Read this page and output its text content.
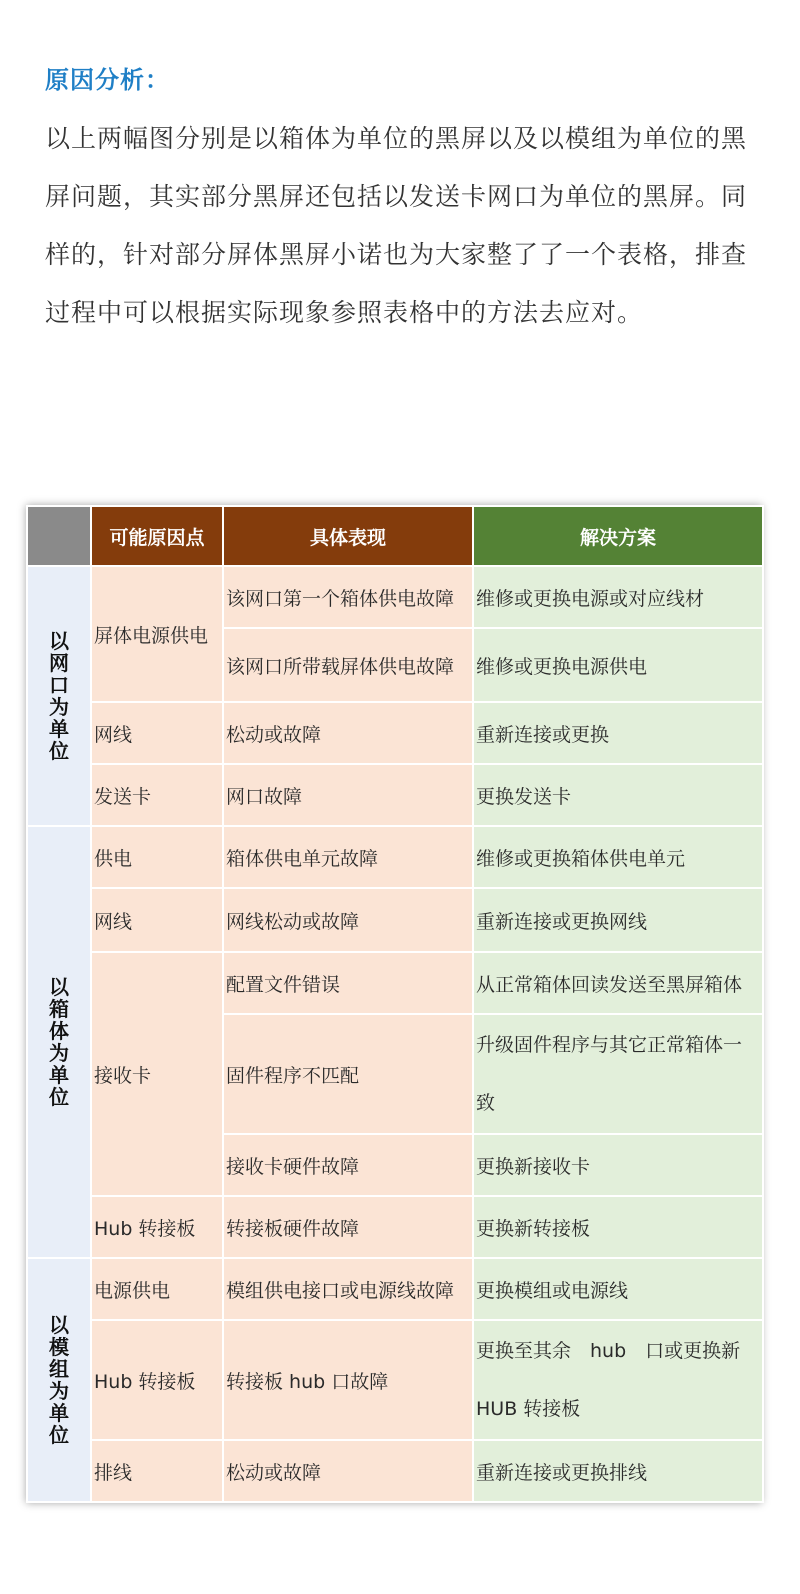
原因分析：
以上两幅图分别是以箱体为单位的黑屏以及以模组为单位的黑屏问题，其实部分黑屏还包括以发送卡网口为单位的黑屏。同样的，针对部分屏体黑屏小诺也为大家整了了一个表格，排查过程中可以根据实际现象参照表格中的方法去应对。
	可能原因点	具体表现	解决方案
以网口为单位	屏体电源供电	该网口第一个箱体供电故障	维修或更换电源或对应线材
		该网口所带载屏体供电故障	维修或更换电源供电
	网线	松动或故障	重新连接或更换
	发送卡	网口故障	更换发送卡
以箱体为单位	供电	箱体供电单元故障	维修或更换箱体供电单元
	网线	网线松动或故障	重新连接或更换网线
	接收卡	配置文件错误	从正常箱体回读发送至黑屏箱体
		固件程序不匹配	升级固件程序与其它正常箱体一致
		接收卡硬件故障	更换新接收卡
	Hub 转接板	转接板硬件故障	更换新转接板
以模组为单位	电源供电	模组供电接口或电源线故障	更换模组或电源线
	Hub 转接板	转接板 hub 口故障	更换至其余　hub　口或更换新HUB 转接板
	排线	松动或故障	重新连接或更换排线
